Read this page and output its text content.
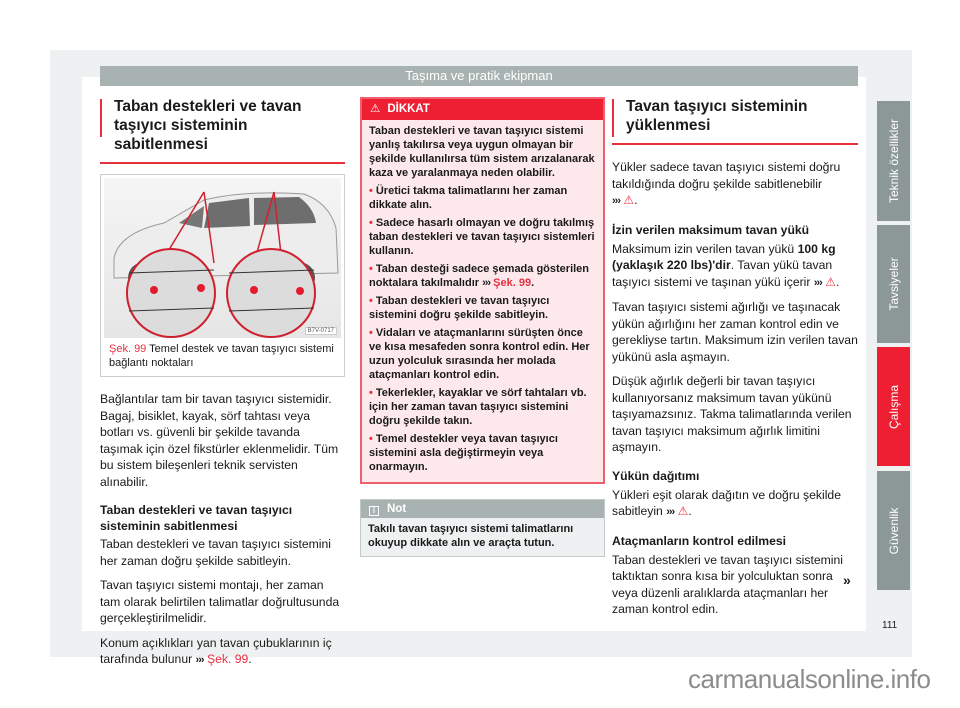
Taşıma ve pratik ekipman
Taban destekleri ve tavan taşıyıcı sisteminin sabitlenmesi
B7V-0717
Şek. 99 Temel destek ve tavan taşıyıcı sistemi bağlantı noktaları

Bağlantılar tam bir tavan taşıyıcı sistemidir. Bagaj, bisiklet, kayak, sörf tahtası veya botları vs. güvenli bir şekilde tavanda taşımak için özel fikstürler eklenmelidir. Tüm bu sistem bileşenleri teknik servisten alınabilir.

Taban destekleri ve tavan taşıyıcı sisteminin sabitlenmesi

Taban destekleri ve tavan taşıyıcı sistemini her zaman doğru şekilde sabitleyin.

Tavan taşıyıcı sistemi montajı, her zaman tam olarak belirtilen talimatlar doğrultusunda gerçekleştirilmelidir.

Konum açıklıkları yan tavan çubuklarının iç tarafında bulunur ››› Şek. 99.

⚠ DİKKAT

Taban destekleri ve tavan taşıyıcı sistemi yanlış takılırsa veya uygun olmayan bir şekilde kullanılırsa tüm sistem arızalanarak kaza ve yaralanmaya neden olabilir.

• Üretici takma talimatlarını her zaman dikkate alın.

• Sadece hasarlı olmayan ve doğru takılmış taban destekleri ve tavan taşıyıcı sistemleri kullanın.

• Taban desteği sadece şemada gösterilen noktalara takılmalıdır ››› Şek. 99.

• Taban destekleri ve tavan taşıyıcı sistemini doğru şekilde sabitleyin.

• Vidaları ve ataçmanlarını sürüşten önce ve kısa mesafeden sonra kontrol edin. Her uzun yolculuk sırasında her molada ataçmanları kontrol edin.

• Tekerlekler, kayaklar ve sörf tahtaları vb. için her zaman tavan taşıyıcı sistemini doğru şekilde takın.

• Temel destekler veya tavan taşıyıcı sistemini asla değiştirmeyin veya onarmayın.

i Not
Takılı tavan taşıyıcı sistemi talimatlarını okuyup dikkate alın ve araçta tutun.
Tavan taşıyıcı sisteminin yüklenmesi

Yükler sadece tavan taşıyıcı sistemi doğru takıldığında doğru şekilde sabitlenebilir
››› ⚠.

İzin verilen maksimum tavan yükü

Maksimum izin verilen tavan yükü 100 kg (yaklaşık 220 lbs)'dir. Tavan yükü tavan taşıyıcı sistemi ve taşınan yükü içerir ››› ⚠.

Tavan taşıyıcı sistemi ağırlığı ve taşınacak yükün ağırlığını her zaman kontrol edin ve gerekliyse tartın. Maksimum izin verilen tavan yükünü asla aşmayın.

Düşük ağırlık değerli bir tavan taşıyıcı kullanıyorsanız maksimum tavan yükünü taşıyamazsınız. Takma talimatlarında verilen tavan taşıyıcı maksimum ağırlık limitini aşmayın.

Yükün dağıtımı

Yükleri eşit olarak dağıtın ve doğru şekilde sabitleyin ››› ⚠.

Ataçmanların kontrol edilmesi

Taban destekleri ve tavan taşıyıcı sistemini taktıktan sonra kısa bir yolculuktan sonra veya düzenli aralıklarda ataçmanları her zaman kontrol edin.

Teknik özellikler
Tavsiyeler
Çalışma
Güvenlik
»
111
carmanualsonline.info
